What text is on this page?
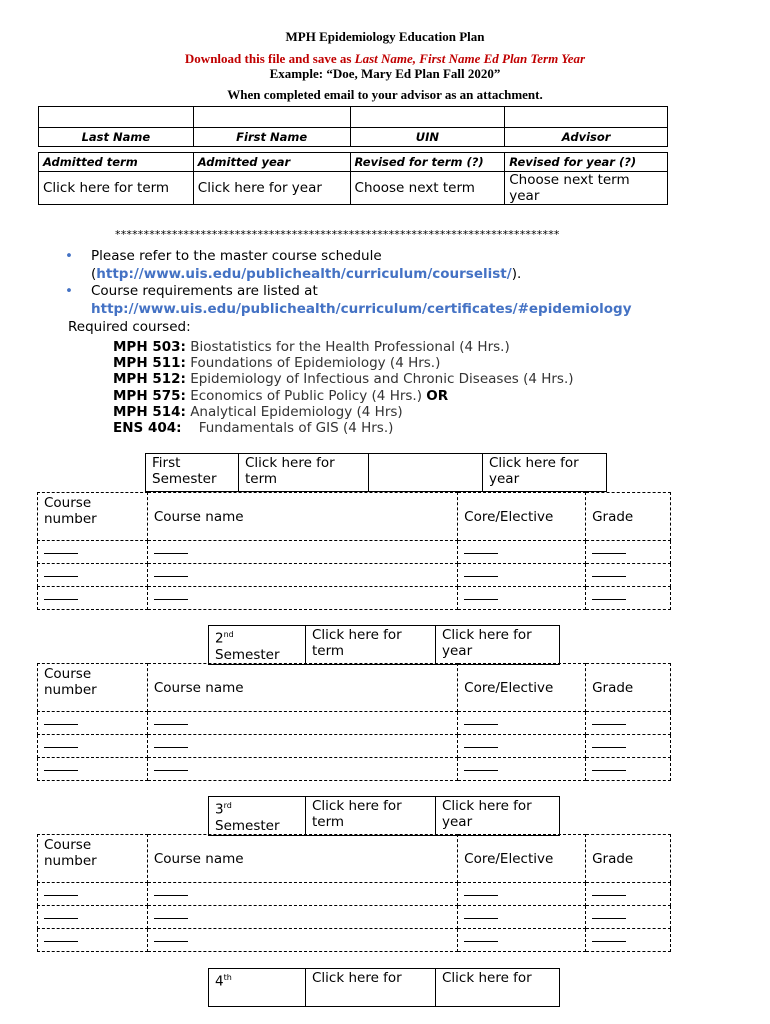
MPH Epidemiology Education Plan
Download this file and save as Last Name, First Name Ed Plan Term Year
Example: “Doe, Mary Ed Plan Fall 2020”
When completed email to your advisor as an attachment.

Last Name	First Name	UIN	Advisor

Admitted term	Admitted year	Revised for term (?)	Revised for year (?)
Click here for term	Click here for year	Choose next term	Choose next term year
******************************************************************************
• Please refer to the master course schedule
(http://www.uis.edu/publichealth/curriculum/courselist/).
• Course requirements are listed at
http://www.uis.edu/publichealth/curriculum/certificates/#epidemiology
Required coursed:
MPH 503: Biostatistics for the Health Professional (4 Hrs.)
MPH 511: Foundations of Epidemiology (4 Hrs.)
MPH 512: Epidemiology of Infectious and Chronic Diseases (4 Hrs.)
MPH 575: Economics of Public Policy (4 Hrs.) OR
MPH 514: Analytical Epidemiology (4 Hrs)
ENS 404:    Fundamentals of GIS (4 Hrs.)
First Semester	Click here for term		Click here for year
Course number	Course name	Core/Elective	Grade

2nd
Semester	Click here for term	Click here for year
Course number	Course name	Core/Elective	Grade

3rd
Semester	Click here for term	Click here for year
Course number	Course name	Core/Elective	Grade

4th	Click here for	Click here for
